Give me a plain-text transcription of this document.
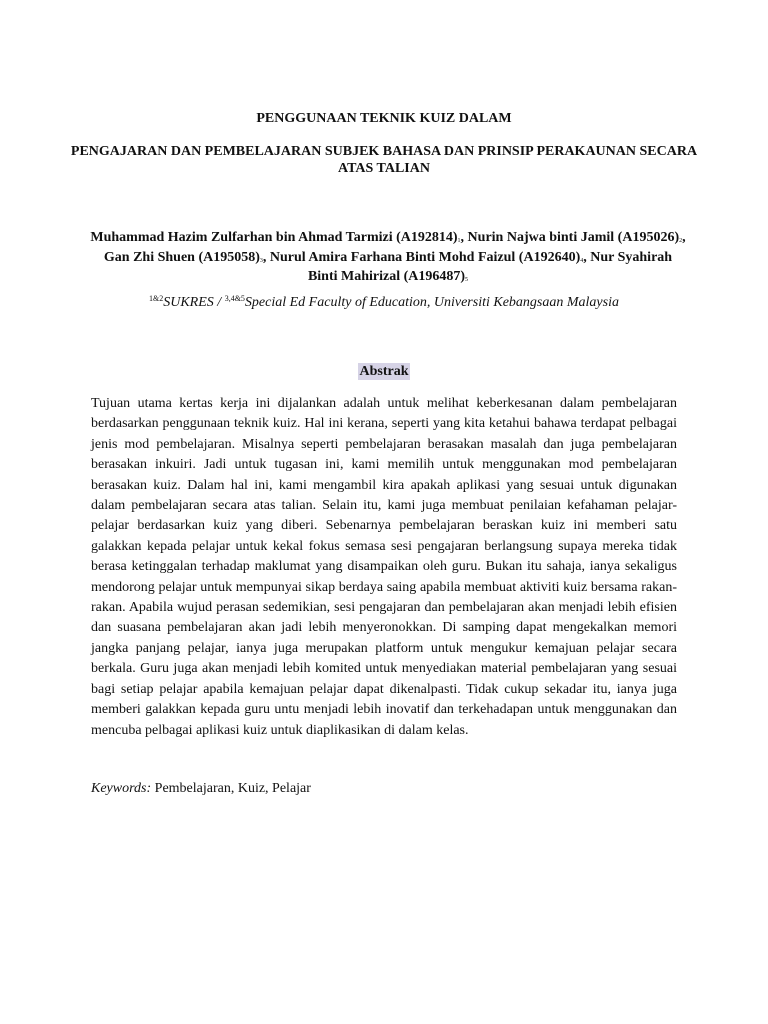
PENGGUNAAN TEKNIK KUIZ DALAM

PENGAJARAN DAN PEMBELAJARAN SUBJEK BAHASA DAN PRINSIP PERAKAUNAN SECARA ATAS TALIAN

Muhammad Hazim Zulfarhan bin Ahmad Tarmizi $(A192814)_1$, Nurin Najwa binti Jamil $(A195026)_2$, Gan Zhi Shuen $(A195058)_3$, Nurul Amira Farhana Binti Mohd Faizul $(A192640)_4$, Nur Syahirah Binti Mahirizal $(A196487)_5$
$^{1\&2}$SUKRES / $^{3,4\&5}$Special Ed Faculty of Education, Universiti Kebangsaan Malaysia
Abstrak

Tujuan utama kertas kerja ini dijalankan adalah untuk melihat keberkesanan dalam pembelajaran berdasarkan penggunaan teknik kuiz. Hal ini kerana, seperti yang kita ketahui bahawa terdapat pelbagai jenis mod pembelajaran. Misalnya seperti pembelajaran berasakan masalah dan juga pembelajaran berasakan inkuiri. Jadi untuk tugasan ini, kami memilih untuk menggunakan mod pembelajaran berasakan kuiz. Dalam hal ini, kami mengambil kira apakah aplikasi yang sesuai untuk digunakan dalam pembelajaran secara atas talian. Selain itu, kami juga membuat penilaian kefahaman pelajar-pelajar berdasarkan kuiz yang diberi. Sebenarnya pembelajaran beraskan kuiz ini memberi satu galakkan kepada pelajar untuk kekal fokus semasa sesi pengajaran berlangsung supaya mereka tidak berasa ketinggalan terhadap maklumat yang disampaikan oleh guru. Bukan itu sahaja, ianya sekaligus mendorong pelajar untuk mempunyai sikap berdaya saing apabila membuat aktiviti kuiz bersama rakan-rakan. Apabila wujud perasan sedemikian, sesi pengajaran dan pembelajaran akan menjadi lebih efisien dan suasana pembelajaran akan jadi lebih menyeronokkan. Di samping dapat mengekalkan memori jangka panjang pelajar, ianya juga merupakan platform untuk mengukur kemajuan pelajar secara berkala. Guru juga akan menjadi lebih komited untuk menyediakan material pembelajaran yang sesuai bagi setiap pelajar apabila kemajuan pelajar dapat dikenalpasti. Tidak cukup sekadar itu, ianya juga memberi galakkan kepada guru untu menjadi lebih inovatif dan terkehadapan untuk menggunakan dan mencuba pelbagai aplikasi kuiz untuk diaplikasikan di dalam kelas.

Keywords: Pembelajaran, Kuiz, Pelajar
